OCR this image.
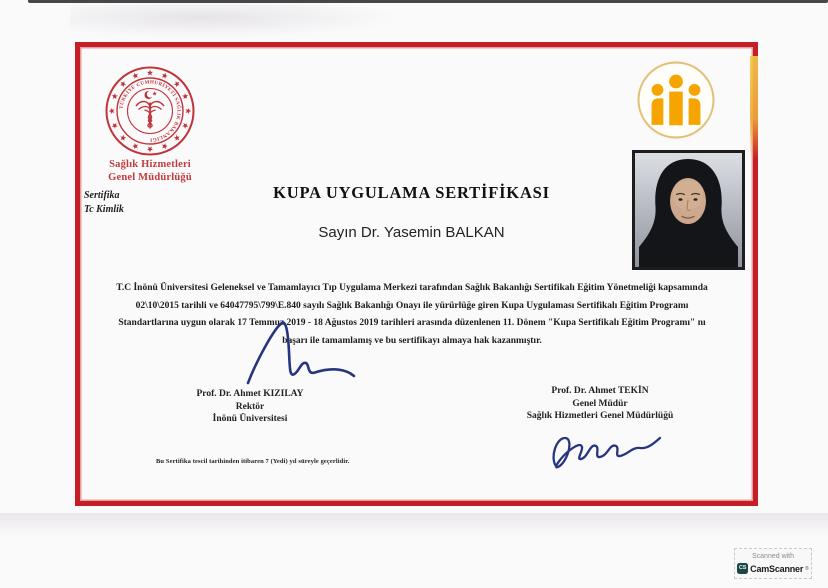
TÜRKİYE CUMHURİYETİ SAĞLIK BAKANLIĞI
Sağlık Hizmetleri
Genel Müdürlüğü
Sertifika
Tc Kimlik
KUPA UYGULAMA SERTİFİKASI
Sayın Dr. Yasemin BALKAN
T.C İnönü Üniversitesi Geleneksel ve Tamamlayıcı Tıp Uygulama Merkezi tarafından Sağlık Bakanlığı Sertifikalı Eğitim Yönetmeliği kapsamında
02\10\2015 tarihli ve 64047795\799\E.840 sayılı Sağlık Bakanlığı Onayı ile yürürlüğe giren Kupa Uygulaması Sertifikalı Eğitim Programı
Standartlarına uygun olarak 17 Temmuz 2019 - 18 Ağustos 2019 tarihleri arasında düzenlenen 11. Dönem "Kupa Sertifikalı Eğitim Programı" nı
başarı ile tamamlamış ve bu sertifikayı almaya hak kazanmıştır.
Prof. Dr. Ahmet KIZILAY
Rektör
İnönü Üniversitesi
Prof. Dr. Ahmet TEKİN
Genel Müdür
Sağlık Hizmetleri Genel Müdürlüğü
Bu Sertifika tescil tarihinden itibaren 7 (Yedi) yıl süreyle geçerlidir.
Scanned with
CS CamScanner ®
